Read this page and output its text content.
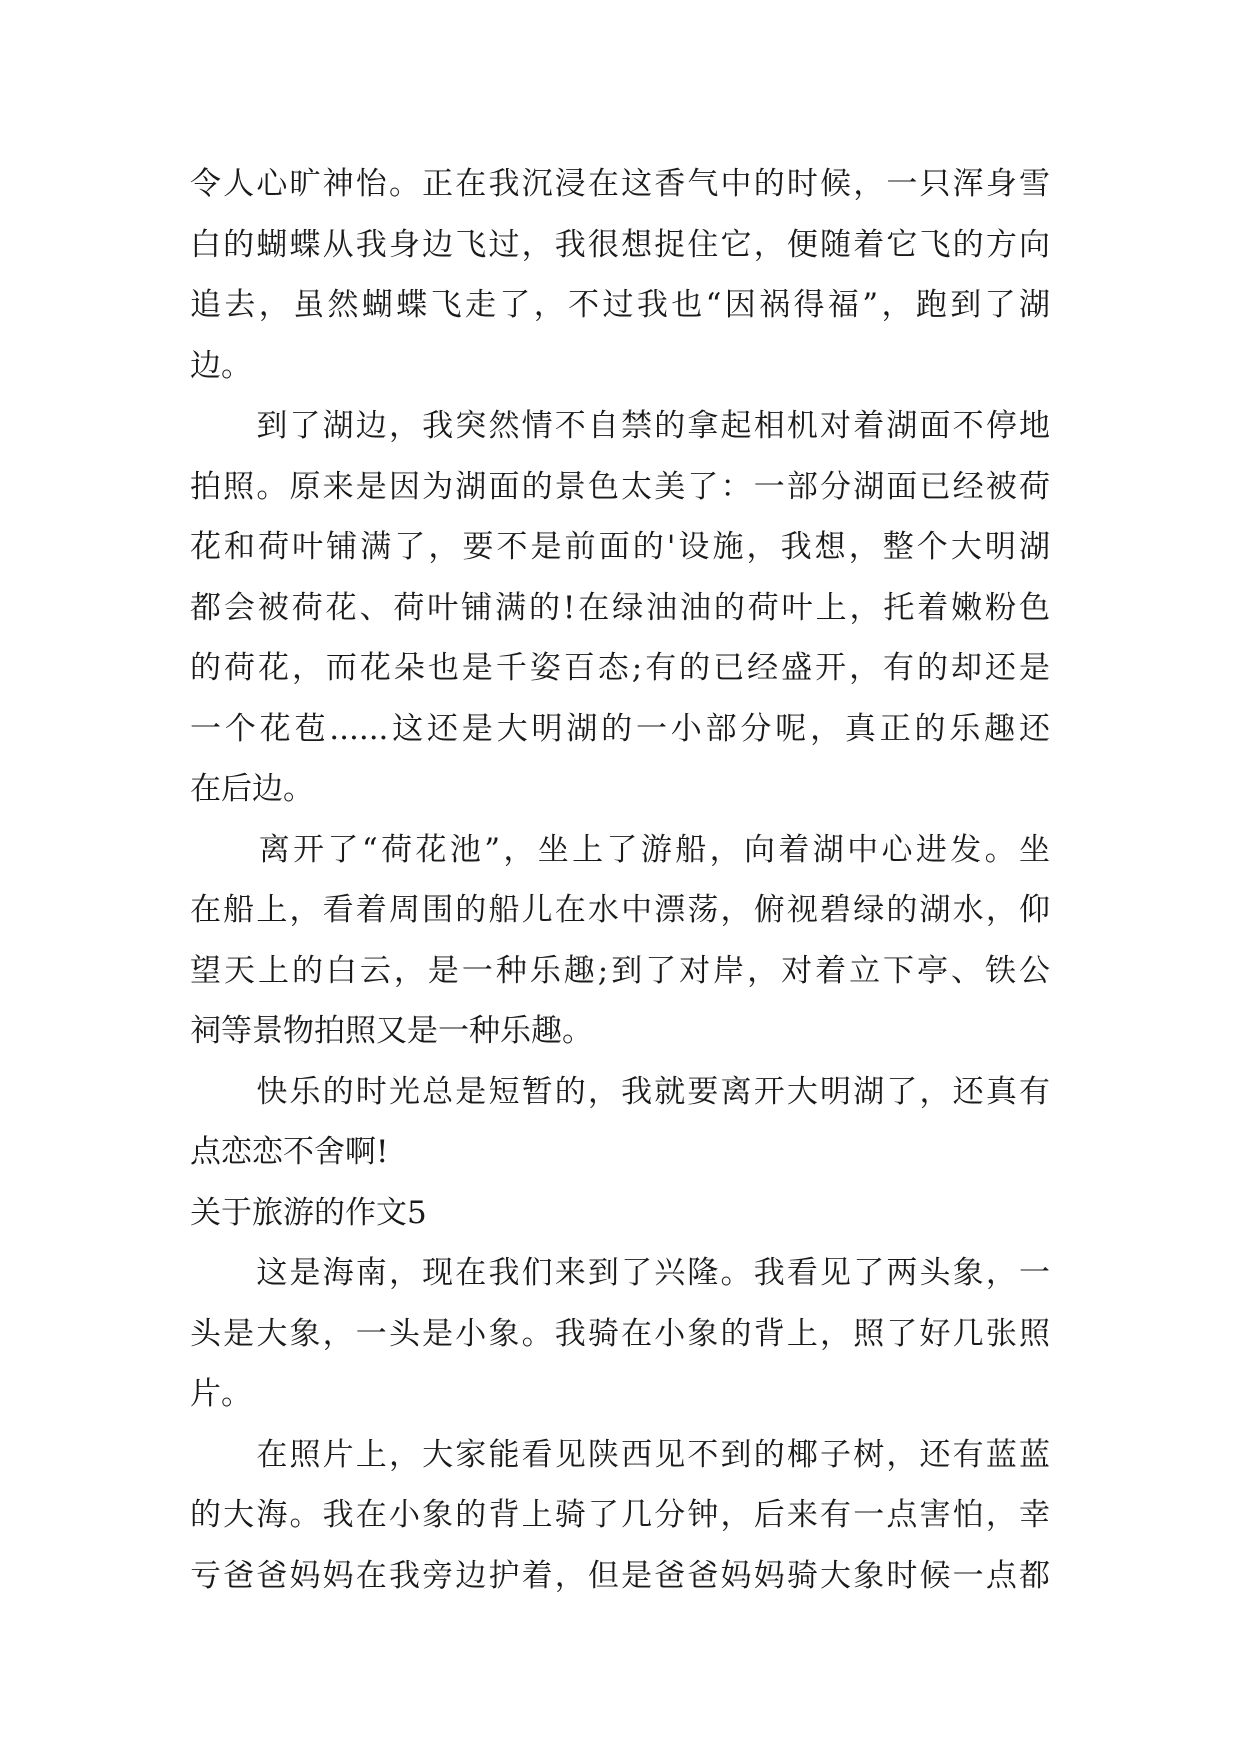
令人心旷神怡。正在我沉浸在这香气中的时候，一只浑身雪
白的蝴蝶从我身边飞过，我很想捉住它，便随着它飞的方向
追去，虽然蝴蝶飞走了，不过我也“因祸得福”，跑到了湖
边。
　　到了湖边，我突然情不自禁的拿起相机对着湖面不停地
拍照。原来是因为湖面的景色太美了：一部分湖面已经被荷
花和荷叶铺满了，要不是前面的'设施，我想，整个大明湖
都会被荷花、荷叶铺满的!在绿油油的荷叶上，托着嫩粉色
的荷花，而花朵也是千姿百态;有的已经盛开，有的却还是
一个花苞......这还是大明湖的一小部分呢，真正的乐趣还
在后边。
　　离开了“荷花池”，坐上了游船，向着湖中心进发。坐
在船上，看着周围的船儿在水中漂荡，俯视碧绿的湖水，仰
望天上的白云，是一种乐趣;到了对岸，对着立下亭、铁公
祠等景物拍照又是一种乐趣。
　　快乐的时光总是短暂的，我就要离开大明湖了，还真有
点恋恋不舍啊!
关于旅游的作文5
　　这是海南，现在我们来到了兴隆。我看见了两头象，一
头是大象，一头是小象。我骑在小象的背上，照了好几张照
片。
　　在照片上，大家能看见陕西见不到的椰子树，还有蓝蓝
的大海。我在小象的背上骑了几分钟，后来有一点害怕，幸
亏爸爸妈妈在我旁边护着，但是爸爸妈妈骑大象时候一点都
